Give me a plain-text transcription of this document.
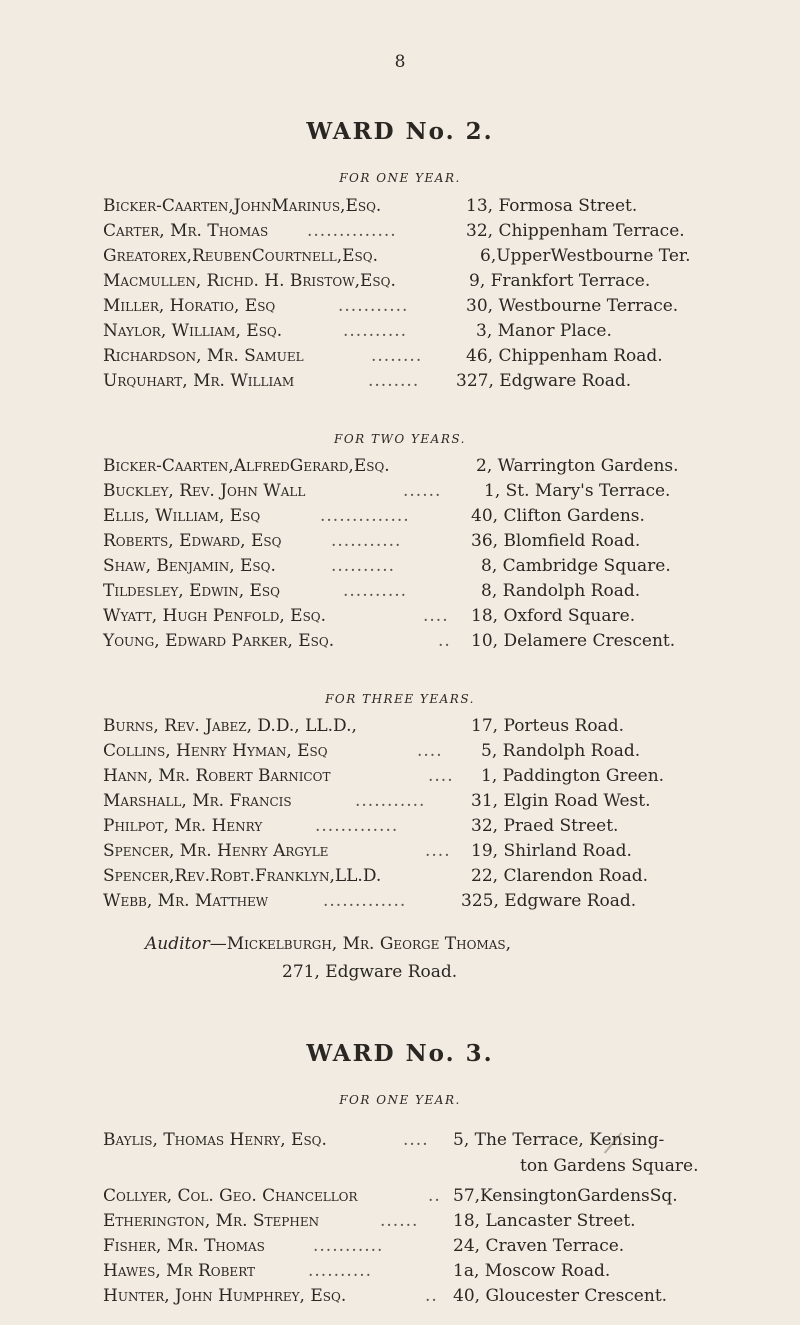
8
WARD No. 2.
FOR ONE YEAR.
Bicker-Caarten,JohnMarinus,Esq.	13, Formosa Street.
Carter, Mr. Thomas ..............	32, Chippenham Terrace.
Greatorex,ReubenCourtnell,Esq.	6,UpperWestbourne Ter.
Macmullen, Richd. H. Bristow,Esq.	9, Frankfort Terrace.
Miller, Horatio, Esq	...........	30, Westbourne Terrace.
Naylor, William, Esq.	..........	3, Manor Place.
Richardson, Mr. Samuel	........	46, Chippenham Road.
Urquhart, Mr. William	........ 327, Edgware Road.
FOR TWO YEARS.
Bicker-Caarten,AlfredGerard,Esq.	2, Warrington Gardens.
Buckley, Rev. John Wall	......	1, St. Mary's Terrace.
Ellis, William, Esq	..............	40, Clifton Gardens.
Roberts, Edward, Esq	...........	36, Blomfield Road.
Shaw, Benjamin, Esq.	..........	8, Cambridge Square.
Tildesley, Edwin, Esq	..........	8, Randolph Road.
Wyatt, Hugh Penfold, Esq.	.... 18, Oxford Square.
Young, Edward Parker, Esq.	.. 10, Delamere Crescent.
FOR THREE YEARS.
Burns, Rev. Jabez, D.D., LL.D.,	17, Porteus Road.
Collins, Henry Hyman, Esq	.... 5, Randolph Road.
Hann, Mr. Robert Barnicot	.... 1, Paddington Green.
Marshall, Mr. Francis	...........	31, Elgin Road West.
Philpot, Mr. Henry	.............	32, Praed Street.
Spencer, Mr. Henry Argyle	.... 19, Shirland Road.
Spencer,Rev.Robt.Franklyn,LL.D.	22, Clarendon Road.
Webb, Mr. Matthew	.............	325, Edgware Road.
Auditor—Mickelburgh, Mr. George Thomas,
271, Edgware Road.
WARD No. 3.
FOR ONE YEAR.
Baylis, Thomas Henry, Esq.	.... 5, The Terrace, Kensing-
ton Gardens Square.
Collyer, Col. Geo. Chancellor	.. 57,KensingtonGardensSq.
Etherington, Mr. Stephen	...... 18, Lancaster Street.
Fisher, Mr. Thomas	...........	24, Craven Terrace.
Hawes, Mr Robert	..........	1a, Moscow Road.
Hunter, John Humphrey, Esq.	.. 40, Gloucester Crescent.
